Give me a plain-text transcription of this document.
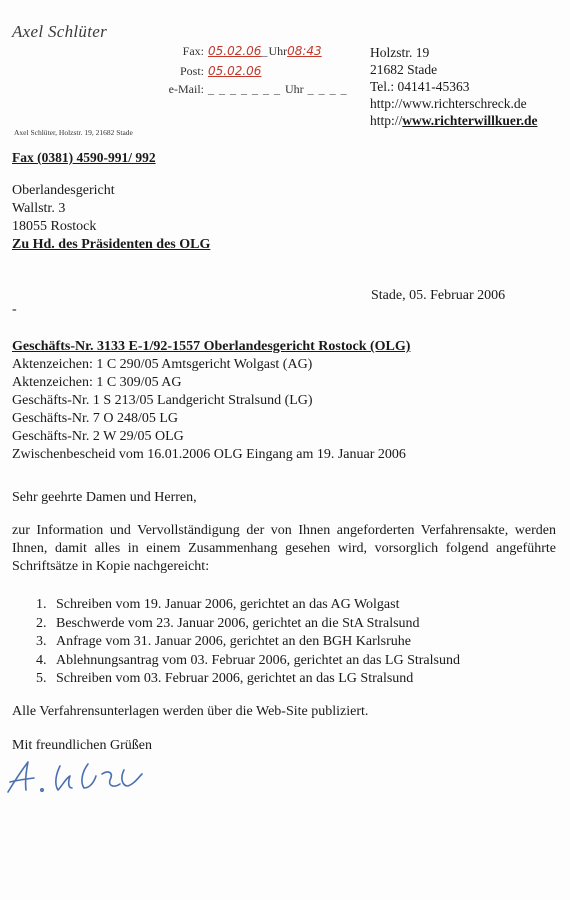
Axel Schlüter
Fax: 05.02.06_Uhr08:43
Post: 05.02.06
e-Mail: _ _ _ _ _ _ _ Uhr _ _ _ _
Holzstr. 19
21682 Stade
Tel.: 04141-45363
http://www.richterschreck.de
http://www.richterwillkuer.de
Axel Schlüter, Holzstr. 19, 21682 Stade
Fax (0381) 4590-991/ 992
Oberlandesgericht
Wallstr. 3
18055 Rostock
Zu Hd. des Präsidenten des OLG
Stade, 05. Februar 2006
-
Geschäfts-Nr. 3133 E-1/92-1557 Oberlandesgericht Rostock (OLG)
Aktenzeichen: 1 C 290/05 Amtsgericht Wolgast (AG)
Aktenzeichen: 1 C 309/05 AG
Geschäfts-Nr. 1 S 213/05 Landgericht Stralsund (LG)
Geschäfts-Nr. 7 O 248/05 LG
Geschäfts-Nr. 2 W 29/05 OLG
Zwischenbescheid vom 16.01.2006 OLG Eingang am 19. Januar 2006
Sehr geehrte Damen und Herren,
zur Information und Vervollständigung der von Ihnen angeforderten Verfahrensakte, werden Ihnen, damit alles in einem Zusammenhang gesehen wird, vorsorglich folgend angeführte Schriftsätze in Kopie nachgereicht:
1. Schreiben vom 19. Januar 2006, gerichtet an das AG Wolgast
2. Beschwerde vom 23. Januar 2006, gerichtet an die StA Stralsund
3. Anfrage vom 31. Januar 2006, gerichtet an den BGH Karlsruhe
4. Ablehnungsantrag vom 03. Februar 2006, gerichtet an das LG Stralsund
5. Schreiben vom 03. Februar 2006, gerichtet an das LG Stralsund
Alle Verfahrensunterlagen werden über die Web-Site publiziert.
Mit freundlichen Grüßen
